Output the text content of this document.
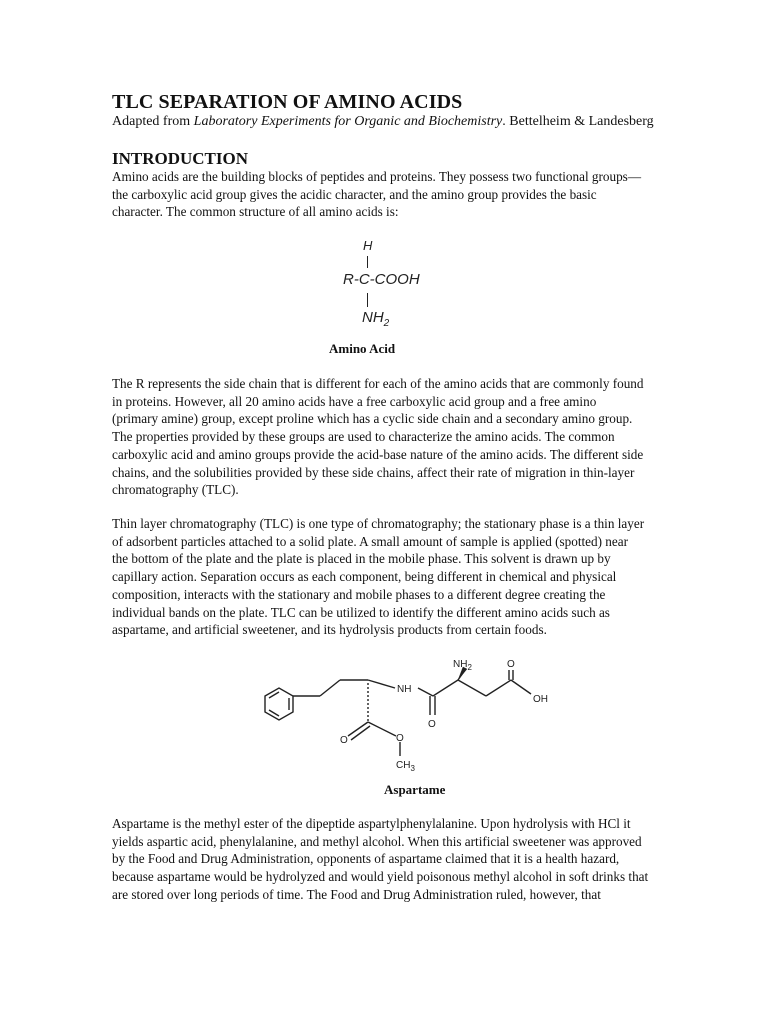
TLC SEPARATION OF AMINO ACIDS
Adapted from Laboratory Experiments for Organic and Biochemistry. Bettelheim & Landesberg
INTRODUCTION

Amino acids are the building blocks of peptides and proteins. They possess two functional groups—
the carboxylic acid group gives the acidic character, and the amino group provides the basic
character. The common structure of all amino acids is:

H
R-C-COOH
$NH_2$
Amino Acid

The R represents the side chain that is different for each of the amino acids that are commonly found
in proteins. However, all 20 amino acids have a free carboxylic acid group and a free amino
(primary amine) group, except proline which has a cyclic side chain and a secondary amino group.
The properties provided by these groups are used to characterize the amino acids. The common
carboxylic acid and amino groups provide the acid-base nature of the amino acids. The different side
chains, and the solubilities provided by these side chains, affect their rate of migration in thin-layer
chromatography (TLC).

Thin layer chromatography (TLC) is one type of chromatography; the stationary phase is a thin layer
of adsorbent particles attached to a solid plate. A small amount of sample is applied (spotted) near
the bottom of the plate and the plate is placed in the mobile phase. This solvent is drawn up by
capillary action. Separation occurs as each component, being different in chemical and physical
composition, interacts with the stationary and mobile phases to a different degree creating the
individual bands on the plate. TLC can be utilized to identify the different amino acids such as
aspartame, and artificial sweetener, and its hydrolysis products from certain foods.

NH
$NH_2$	O
OH
O
O	O
$CH_3$
Aspartame

Aspartame is the methyl ester of the dipeptide aspartylphenylalanine. Upon hydrolysis with HCl it
yields aspartic acid, phenylalanine, and methyl alcohol. When this artificial sweetener was approved
by the Food and Drug Administration, opponents of aspartame claimed that it is a health hazard,
because aspartame would be hydrolyzed and would yield poisonous methyl alcohol in soft drinks that
are stored over long periods of time. The Food and Drug Administration ruled, however, that
